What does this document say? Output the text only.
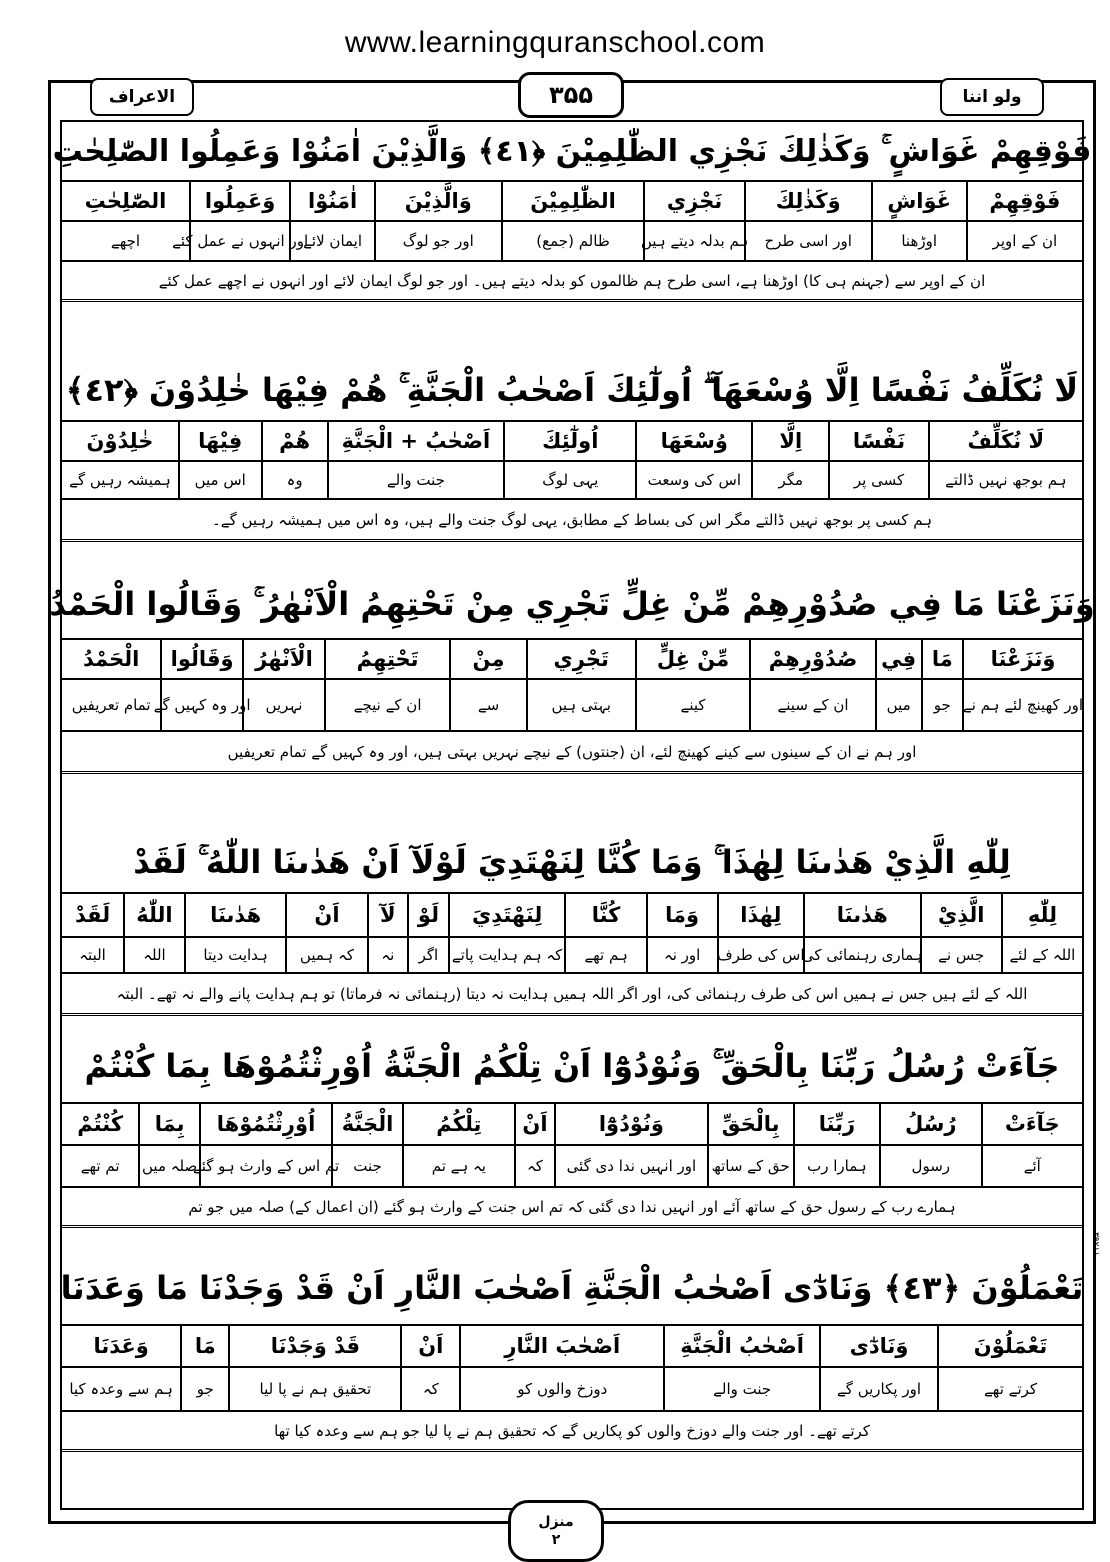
www.learningquranschool.com
الاعراف	۳۵۵	ولو اننا
فَوْقِهِمْ غَوَاشٍ ۚ وَكَذٰلِكَ نَجْزِي الظّٰلِمِيْنَ ﴿٤١﴾ وَالَّذِيْنَ اٰمَنُوْا وَعَمِلُوا الصّٰلِحٰتِ
فَوْقِهِمْ
غَوَاشٍ
وَكَذٰلِكَ
نَجْزِي
الظّٰلِمِيْنَ
وَالَّذِيْنَ
اٰمَنُوْا
وَعَمِلُوا
الصّٰلِحٰتِ
ان کے اوپر
اوڑھنا
اور اسی طرح
ہم بدلہ دیتے ہیں
ظالم (جمع)
اور جو لوگ
ایمان لائے
اور انہوں نے عمل کئے
اچھے
ان کے اوپر سے (جہنم ہی کا) اوڑھنا ہے، اسی طرح ہم ظالموں کو بدلہ دیتے ہیں۔ اور جو لوگ ایمان لائے اور انہوں نے اچھے عمل کئے
لَا نُكَلِّفُ نَفْسًا اِلَّا وُسْعَهَآ ۖ اُولٰٓئِكَ اَصْحٰبُ الْجَنَّةِ ۚ هُمْ فِيْهَا خٰلِدُوْنَ ﴿٤٢﴾
لَا نُكَلِّفُ
نَفْسًا
اِلَّا
وُسْعَهَا
اُولٰٓئِكَ
اَصْحٰبُ + الْجَنَّةِ
هُمْ
فِيْهَا
خٰلِدُوْنَ
ہم بوجھ نہیں ڈالتے
کسی پر
مگر
اس کی وسعت
یہی لوگ
جنت والے
وہ
اس میں
ہمیشہ رہیں گے
ہم کسی پر بوجھ نہیں ڈالتے مگر اس کی بساط کے مطابق، یہی لوگ جنت والے ہیں، وہ اس میں ہمیشہ رہیں گے۔
وَنَزَعْنَا مَا فِي صُدُوْرِهِمْ مِّنْ غِلٍّ تَجْرِي مِنْ تَحْتِهِمُ الْاَنْهٰرُ ۚ وَقَالُوا الْحَمْدُ
وَنَزَعْنَا
مَا
فِي
صُدُوْرِهِمْ
مِّنْ غِلٍّ
تَجْرِي
مِنْ
تَحْتِهِمُ
الْاَنْهٰرُ
وَقَالُوا
الْحَمْدُ
اور کھینچ لئے ہم نے
جو
میں
ان کے سینے
کینے
بہتی ہیں
سے
ان کے نیچے
نہریں
اور وہ کہیں گے
تمام تعریفیں
اور ہم نے ان کے سینوں سے کینے کھینچ لئے، ان (جنتوں) کے نیچے نہریں بہتی ہیں، اور وہ کہیں گے تمام تعریفیں
لِلّٰهِ الَّذِيْ هَدٰىنَا لِهٰذَا ۚ وَمَا كُنَّا لِنَهْتَدِيَ لَوْلَآ اَنْ هَدٰىنَا اللّٰهُ ۚ لَقَدْ
لِلّٰهِ
الَّذِيْ
هَدٰىنَا
لِهٰذَا
وَمَا
كُنَّا
لِنَهْتَدِيَ
لَوْ
لَآ
اَنْ
هَدٰىنَا
اللّٰهُ
لَقَدْ
اللہ کے لئے
جس نے
ہماری رہنمائی کی
اس کی طرف
اور نہ
ہم تھے
کہ ہم ہدایت پاتے
اگر
نہ
کہ ہمیں
ہدایت دیتا
اللہ
البتہ
اللہ کے لئے ہیں جس نے ہمیں اس کی طرف رہنمائی کی، اور اگر اللہ ہمیں ہدایت نہ دیتا (رہنمائی نہ فرماتا) تو ہم ہدایت پانے والے نہ تھے۔ البتہ
جَآءَتْ رُسُلُ رَبِّنَا بِالْحَقِّ ۚ وَنُوْدُوْٓا اَنْ تِلْكُمُ الْجَنَّةُ اُوْرِثْتُمُوْهَا بِمَا كُنْتُمْ
جَآءَتْ
رُسُلُ
رَبِّنَا
بِالْحَقِّ
وَنُوْدُوْٓا
اَنْ
تِلْكُمُ
الْجَنَّةُ
اُوْرِثْتُمُوْهَا
بِمَا
كُنْتُمْ
آئے
رسول
ہمارا رب
حق کے ساتھ
اور انہیں ندا دی گئی
کہ
یہ ہے تم
جنت
تم اس کے وارث ہو گئے
صلہ میں
تم تھے
ہمارے رب کے رسول حق کے ساتھ آئے اور انہیں ندا دی گئی کہ تم اس جنت کے وارث ہو گئے (ان اعمال کے) صلہ میں جو تم
تَعْمَلُوْنَ ﴿٤٣﴾ وَنَادٰٓى اَصْحٰبُ الْجَنَّةِ اَصْحٰبَ النَّارِ اَنْ قَدْ وَجَدْنَا مَا وَعَدَنَا
تَعْمَلُوْنَ
وَنَادٰٓى
اَصْحٰبُ الْجَنَّةِ
اَصْحٰبَ النَّارِ
اَنْ
قَدْ وَجَدْنَا
مَا
وَعَدَنَا
کرتے تھے
اور پکاریں گے
جنت والے
دوزخ والوں کو
کہ
تحقیق ہم نے پا لیا
جو
ہم سے وعدہ کیا
کرتے تھے۔ اور جنت والے دوزخ والوں کو پکاریں گے کہ تحقیق ہم نے پا لیا جو ہم سے وعدہ کیا تھا
منزل
۲
۳۹۲۱۱
